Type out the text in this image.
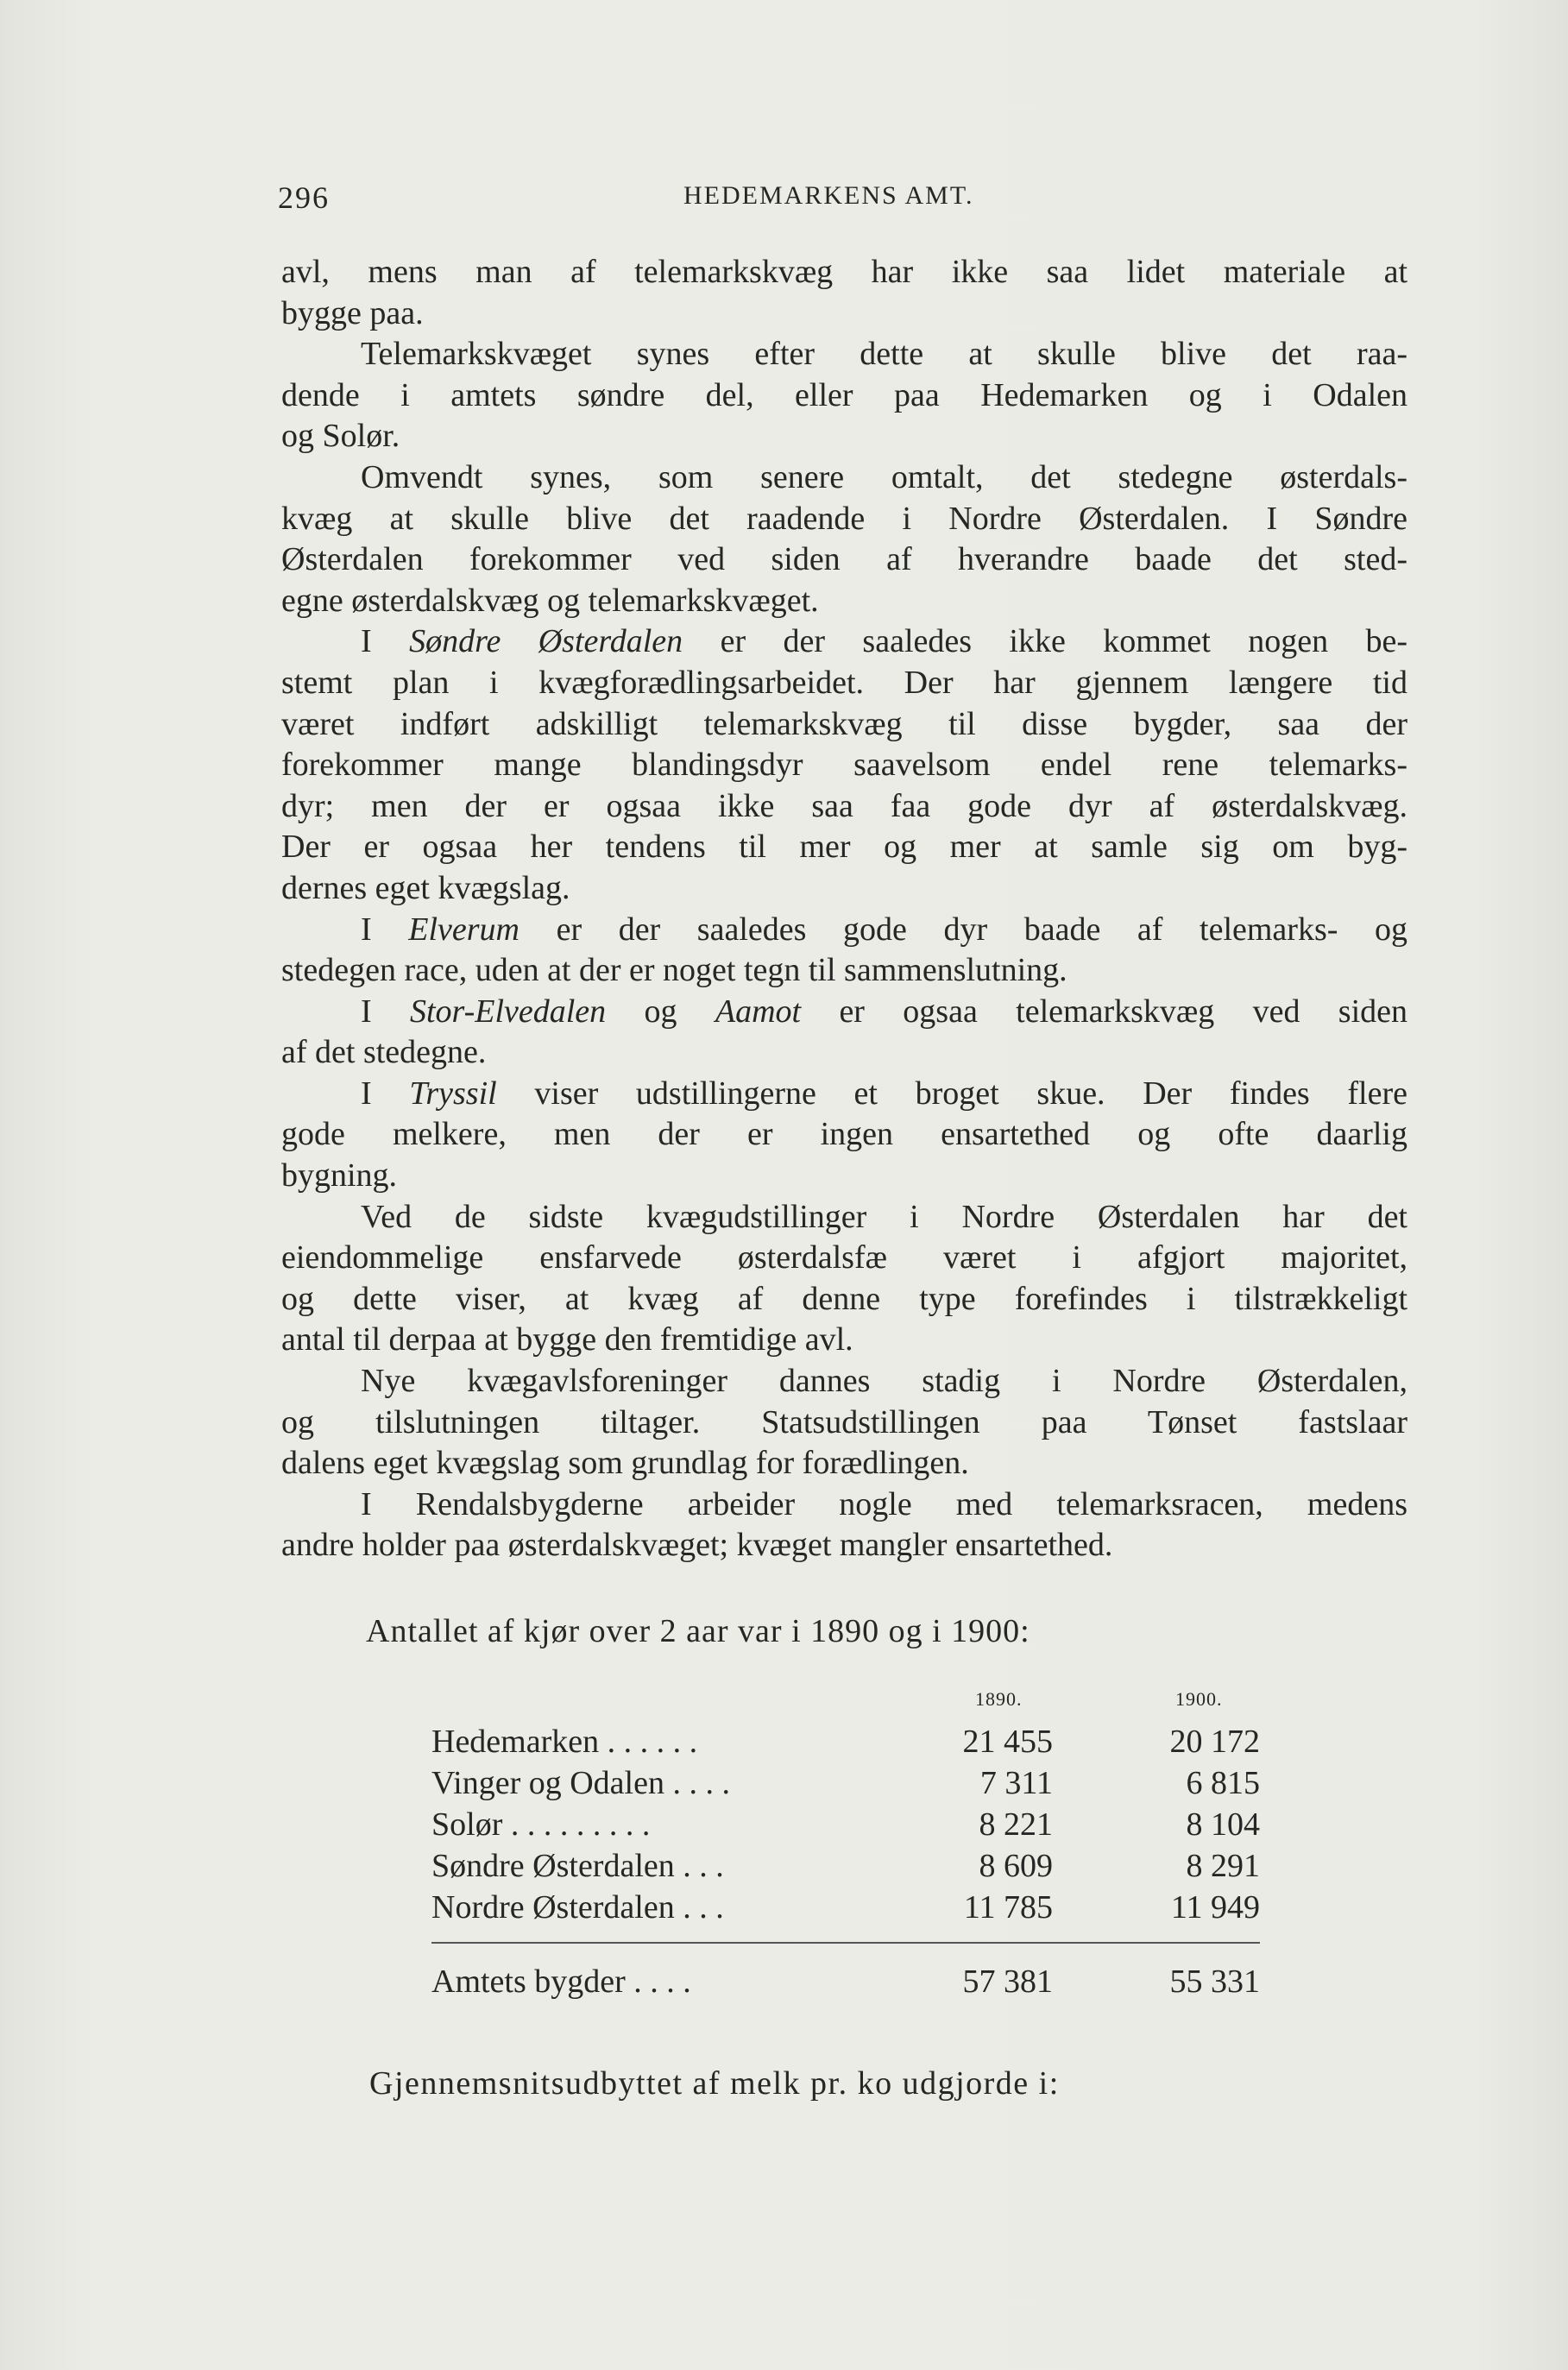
296	HEDEMARKENS AMT.

avl, mens man af telemarkskvæg har ikke saa lidet materiale at
bygge paa.

Telemarkskvæget synes efter dette at skulle blive det raa-
dende i amtets søndre del, eller paa Hedemarken og i Odalen
og Solør.

Omvendt synes, som senere omtalt, det stedegne østerdals-
kvæg at skulle blive det raadende i Nordre Østerdalen. I Søndre
Østerdalen forekommer ved siden af hverandre baade det sted-
egne østerdalskvæg og telemarkskvæget.

I Søndre Østerdalen er der saaledes ikke kommet nogen be-
stemt plan i kvægforædlingsarbeidet. Der har gjennem længere tid
været indført adskilligt telemarkskvæg til disse bygder, saa der
forekommer mange blandingsdyr saavelsom endel rene telemarks-
dyr; men der er ogsaa ikke saa faa gode dyr af østerdalskvæg.
Der er ogsaa her tendens til mer og mer at samle sig om byg-
dernes eget kvægslag.

I Elverum er der saaledes gode dyr baade af telemarks- og
stedegen race, uden at der er noget tegn til sammenslutning.

I Stor-Elvedalen og Aamot er ogsaa telemarkskvæg ved siden
af det stedegne.

I Tryssil viser udstillingerne et broget skue. Der findes flere
gode melkere, men der er ingen ensartethed og ofte daarlig
bygning.

Ved de sidste kvægudstillinger i Nordre Østerdalen har det
eiendommelige ensfarvede østerdalsfæ været i afgjort majoritet,
og dette viser, at kvæg af denne type forefindes i tilstrækkeligt
antal til derpaa at bygge den fremtidige avl.

Nye kvægavlsforeninger dannes stadig i Nordre Østerdalen,
og tilslutningen tiltager. Statsudstillingen paa Tønset fastslaar
dalens eget kvægslag som grundlag for forædlingen.

I Rendalsbygderne arbeider nogle med telemarksracen, medens
andre holder paa østerdalskvæget; kvæget mangler ensartethed.

Antallet af kjør over 2 aar var i 1890 og i 1900:
1890.	1900.
Hedemarken . . . . . .	21 455	20 172
Vinger og Odalen . . . .	7 311	6 815
Solør . . . . . . . . .	8 221	8 104
Søndre Østerdalen . . .	8 609	8 291
Nordre Østerdalen . . .	11 785	11 949
Amtets bygder . . . .	57 381	55 331
Gjennemsnitsudbyttet af melk pr. ko udgjorde i:
